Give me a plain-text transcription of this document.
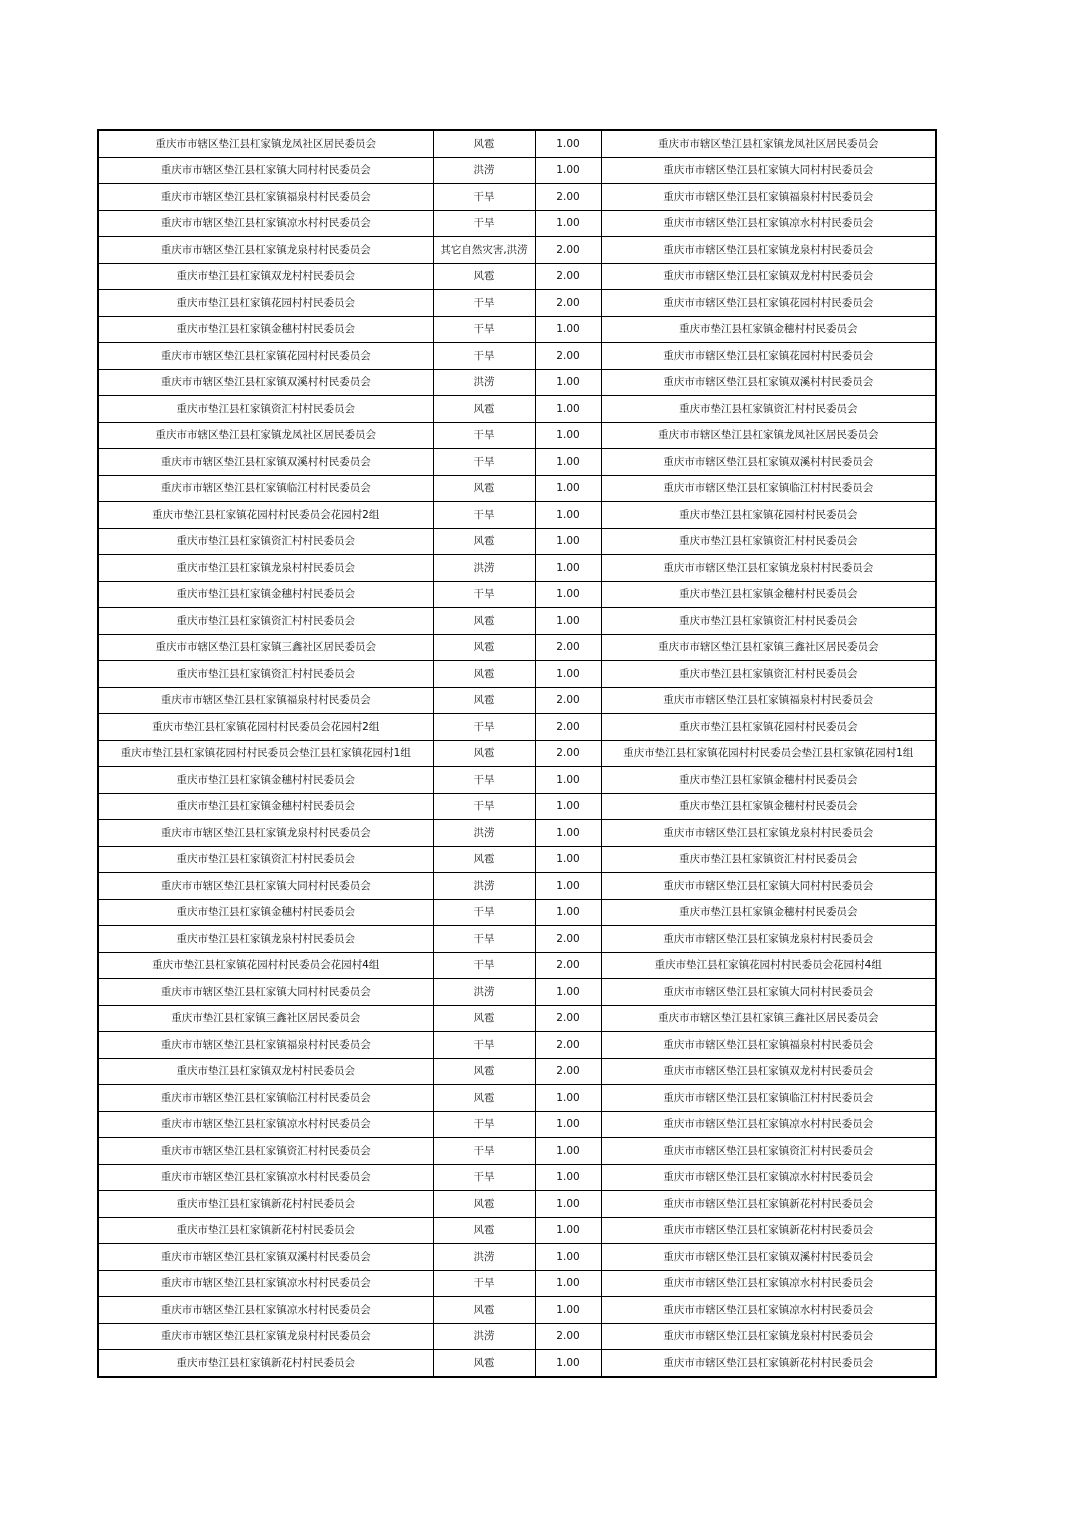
重庆市市辖区垫江县杠家镇龙凤社区居民委员会	风雹	1.00	重庆市市辖区垫江县杠家镇龙凤社区居民委员会
重庆市市辖区垫江县杠家镇大同村村民委员会	洪涝	1.00	重庆市市辖区垫江县杠家镇大同村村民委员会
重庆市市辖区垫江县杠家镇福泉村村民委员会	干旱	2.00	重庆市市辖区垫江县杠家镇福泉村村民委员会
重庆市市辖区垫江县杠家镇凉水村村民委员会	干旱	1.00	重庆市市辖区垫江县杠家镇凉水村村民委员会
重庆市市辖区垫江县杠家镇龙泉村村民委员会	其它自然灾害,洪涝	2.00	重庆市市辖区垫江县杠家镇龙泉村村民委员会
重庆市垫江县杠家镇双龙村村民委员会	风雹	2.00	重庆市市辖区垫江县杠家镇双龙村村民委员会
重庆市垫江县杠家镇花园村村民委员会	干旱	2.00	重庆市市辖区垫江县杠家镇花园村村民委员会
重庆市垫江县杠家镇金穗村村民委员会	干旱	1.00	重庆市垫江县杠家镇金穗村村民委员会
重庆市市辖区垫江县杠家镇花园村村民委员会	干旱	2.00	重庆市市辖区垫江县杠家镇花园村村民委员会
重庆市市辖区垫江县杠家镇双溪村村民委员会	洪涝	1.00	重庆市市辖区垫江县杠家镇双溪村村民委员会
重庆市垫江县杠家镇资汇村村民委员会	风雹	1.00	重庆市垫江县杠家镇资汇村村民委员会
重庆市市辖区垫江县杠家镇龙凤社区居民委员会	干旱	1.00	重庆市市辖区垫江县杠家镇龙凤社区居民委员会
重庆市市辖区垫江县杠家镇双溪村村民委员会	干旱	1.00	重庆市市辖区垫江县杠家镇双溪村村民委员会
重庆市市辖区垫江县杠家镇临江村村民委员会	风雹	1.00	重庆市市辖区垫江县杠家镇临江村村民委员会
重庆市垫江县杠家镇花园村村民委员会花园村2组	干旱	1.00	重庆市垫江县杠家镇花园村村民委员会
重庆市垫江县杠家镇资汇村村民委员会	风雹	1.00	重庆市垫江县杠家镇资汇村村民委员会
重庆市垫江县杠家镇龙泉村村民委员会	洪涝	1.00	重庆市市辖区垫江县杠家镇龙泉村村民委员会
重庆市垫江县杠家镇金穗村村民委员会	干旱	1.00	重庆市垫江县杠家镇金穗村村民委员会
重庆市垫江县杠家镇资汇村村民委员会	风雹	1.00	重庆市垫江县杠家镇资汇村村民委员会
重庆市市辖区垫江县杠家镇三鑫社区居民委员会	风雹	2.00	重庆市市辖区垫江县杠家镇三鑫社区居民委员会
重庆市垫江县杠家镇资汇村村民委员会	风雹	1.00	重庆市垫江县杠家镇资汇村村民委员会
重庆市市辖区垫江县杠家镇福泉村村民委员会	风雹	2.00	重庆市市辖区垫江县杠家镇福泉村村民委员会
重庆市垫江县杠家镇花园村村民委员会花园村2组	干旱	2.00	重庆市垫江县杠家镇花园村村民委员会
重庆市垫江县杠家镇花园村村民委员会垫江县杠家镇花园村1组	风雹	2.00	重庆市垫江县杠家镇花园村村民委员会垫江县杠家镇花园村1组
重庆市垫江县杠家镇金穗村村民委员会	干旱	1.00	重庆市垫江县杠家镇金穗村村民委员会
重庆市垫江县杠家镇金穗村村民委员会	干旱	1.00	重庆市垫江县杠家镇金穗村村民委员会
重庆市市辖区垫江县杠家镇龙泉村村民委员会	洪涝	1.00	重庆市市辖区垫江县杠家镇龙泉村村民委员会
重庆市垫江县杠家镇资汇村村民委员会	风雹	1.00	重庆市垫江县杠家镇资汇村村民委员会
重庆市市辖区垫江县杠家镇大同村村民委员会	洪涝	1.00	重庆市市辖区垫江县杠家镇大同村村民委员会
重庆市垫江县杠家镇金穗村村民委员会	干旱	1.00	重庆市垫江县杠家镇金穗村村民委员会
重庆市垫江县杠家镇龙泉村村民委员会	干旱	2.00	重庆市市辖区垫江县杠家镇龙泉村村民委员会
重庆市垫江县杠家镇花园村村民委员会花园村4组	干旱	2.00	重庆市垫江县杠家镇花园村村民委员会花园村4组
重庆市市辖区垫江县杠家镇大同村村民委员会	洪涝	1.00	重庆市市辖区垫江县杠家镇大同村村民委员会
重庆市垫江县杠家镇三鑫社区居民委员会	风雹	2.00	重庆市市辖区垫江县杠家镇三鑫社区居民委员会
重庆市市辖区垫江县杠家镇福泉村村民委员会	干旱	2.00	重庆市市辖区垫江县杠家镇福泉村村民委员会
重庆市垫江县杠家镇双龙村村民委员会	风雹	2.00	重庆市市辖区垫江县杠家镇双龙村村民委员会
重庆市市辖区垫江县杠家镇临江村村民委员会	风雹	1.00	重庆市市辖区垫江县杠家镇临江村村民委员会
重庆市市辖区垫江县杠家镇凉水村村民委员会	干旱	1.00	重庆市市辖区垫江县杠家镇凉水村村民委员会
重庆市市辖区垫江县杠家镇资汇村村民委员会	干旱	1.00	重庆市市辖区垫江县杠家镇资汇村村民委员会
重庆市市辖区垫江县杠家镇凉水村村民委员会	干旱	1.00	重庆市市辖区垫江县杠家镇凉水村村民委员会
重庆市垫江县杠家镇新花村村民委员会	风雹	1.00	重庆市市辖区垫江县杠家镇新花村村民委员会
重庆市垫江县杠家镇新花村村民委员会	风雹	1.00	重庆市市辖区垫江县杠家镇新花村村民委员会
重庆市市辖区垫江县杠家镇双溪村村民委员会	洪涝	1.00	重庆市市辖区垫江县杠家镇双溪村村民委员会
重庆市市辖区垫江县杠家镇凉水村村民委员会	干旱	1.00	重庆市市辖区垫江县杠家镇凉水村村民委员会
重庆市市辖区垫江县杠家镇凉水村村民委员会	风雹	1.00	重庆市市辖区垫江县杠家镇凉水村村民委员会
重庆市市辖区垫江县杠家镇龙泉村村民委员会	洪涝	2.00	重庆市市辖区垫江县杠家镇龙泉村村民委员会
重庆市垫江县杠家镇新花村村民委员会	风雹	1.00	重庆市市辖区垫江县杠家镇新花村村民委员会
